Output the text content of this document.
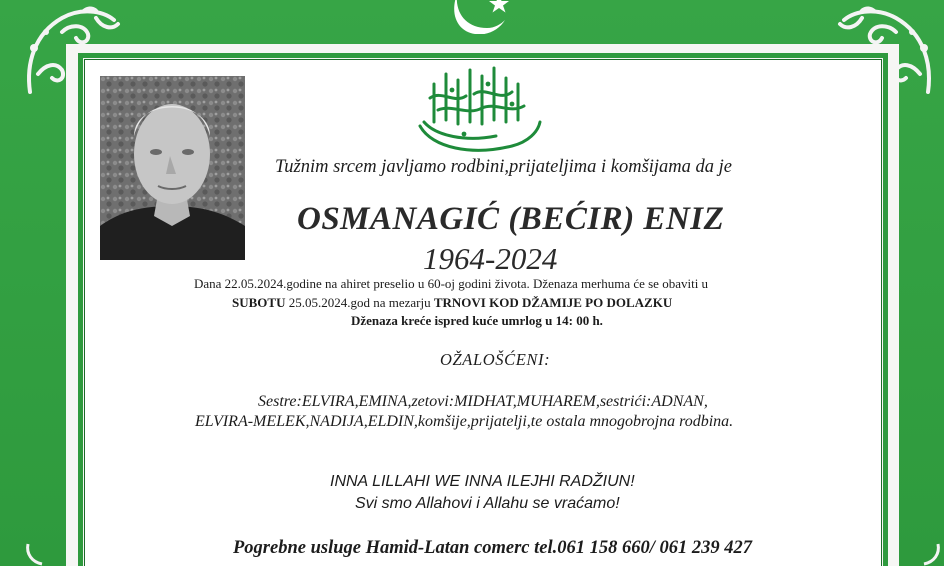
Tužnim srcem javljamo rodbini,prijateljima i komšijama da je
OSMANAGIĆ (BEĆIR) ENIZ
1964-2024
Dana 22.05.2024.godine na ahiret preselio u 60-oj godini života. Dženaza merhuma će se obaviti u
SUBOTU 25.05.2024.god na mezarju TRNOVI KOD DŽAMIJE PO DOLAZKU
Dženaza kreće ispred kuće umrlog u 14: 00 h.
OŽALOŠĆENI:
Sestre:ELVIRA,EMINA,zetovi:MIDHAT,MUHAREM,sestrići:ADNAN,
ELVIRA-MELEK,NADIJA,ELDIN,komšije,prijatelji,te ostala mnogobrojna rodbina.
INNA LILLAHI WE INNA ILEJHI RADŽIUN!
Svi smo Allahovi i Allahu se vraćamo!
Pogrebne usluge Hamid-Latan comerc tel.061 158 660/ 061 239 427
